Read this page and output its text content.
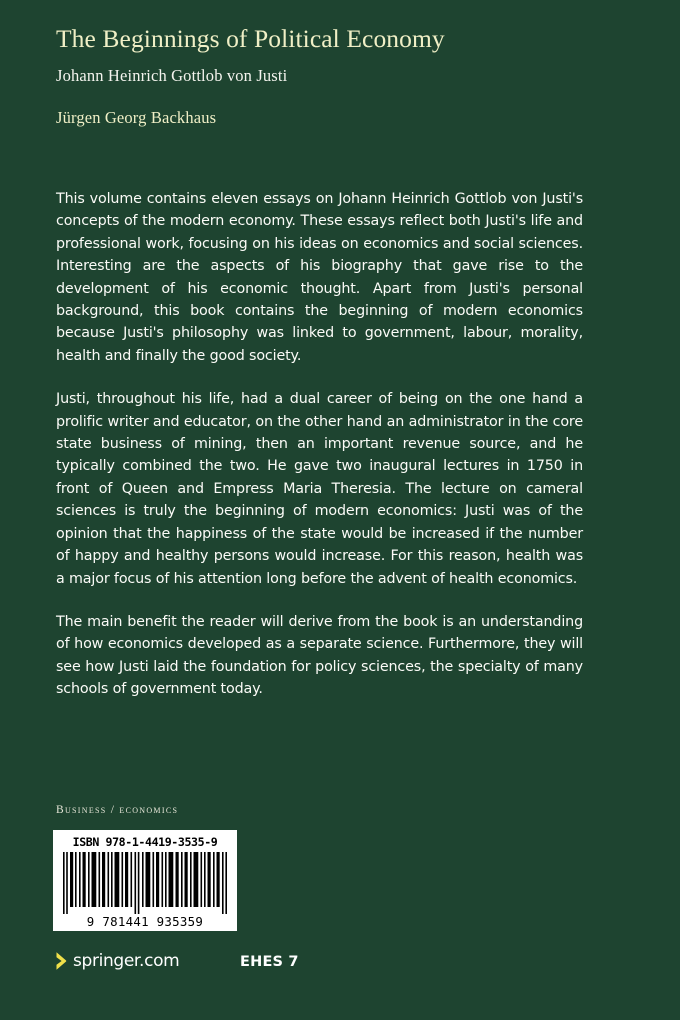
The Beginnings of Political Economy
Johann Heinrich Gottlob von Justi
Jürgen Georg Backhaus

This volume contains eleven essays on Johann Heinrich Gottlob von Justi's concepts of the modern economy. These essays reflect both Justi's life and professional work, focusing on his ideas on economics and social sciences. Interesting are the aspects of his biography that gave rise to the development of his economic thought. Apart from Justi's personal background, this book contains the beginning of modern economics because Justi's philosophy was linked to government, labour, morality, health and finally the good society.

Justi, throughout his life, had a dual career of being on the one hand a prolific writer and educator, on the other hand an administrator in the core state business of mining, then an important revenue source, and he typically combined the two. He gave two inaugural lectures in 1750 in front of Queen and Empress Maria Theresia. The lecture on cameral sciences is truly the beginning of modern economics: Justi was of the opinion that the happiness of the state would be increased if the number of happy and healthy persons would increase. For this reason, health was a major focus of his attention long before the advent of health economics.

The main benefit the reader will derive from the book is an understanding of how economics developed as a separate science. Furthermore, they will see how Justi laid the foundation for policy sciences, the specialty of many schools of government today.

Business / economics
ISBN 978-1-4419-3535-9
9 781441 935359
springer.com	EHES 7
